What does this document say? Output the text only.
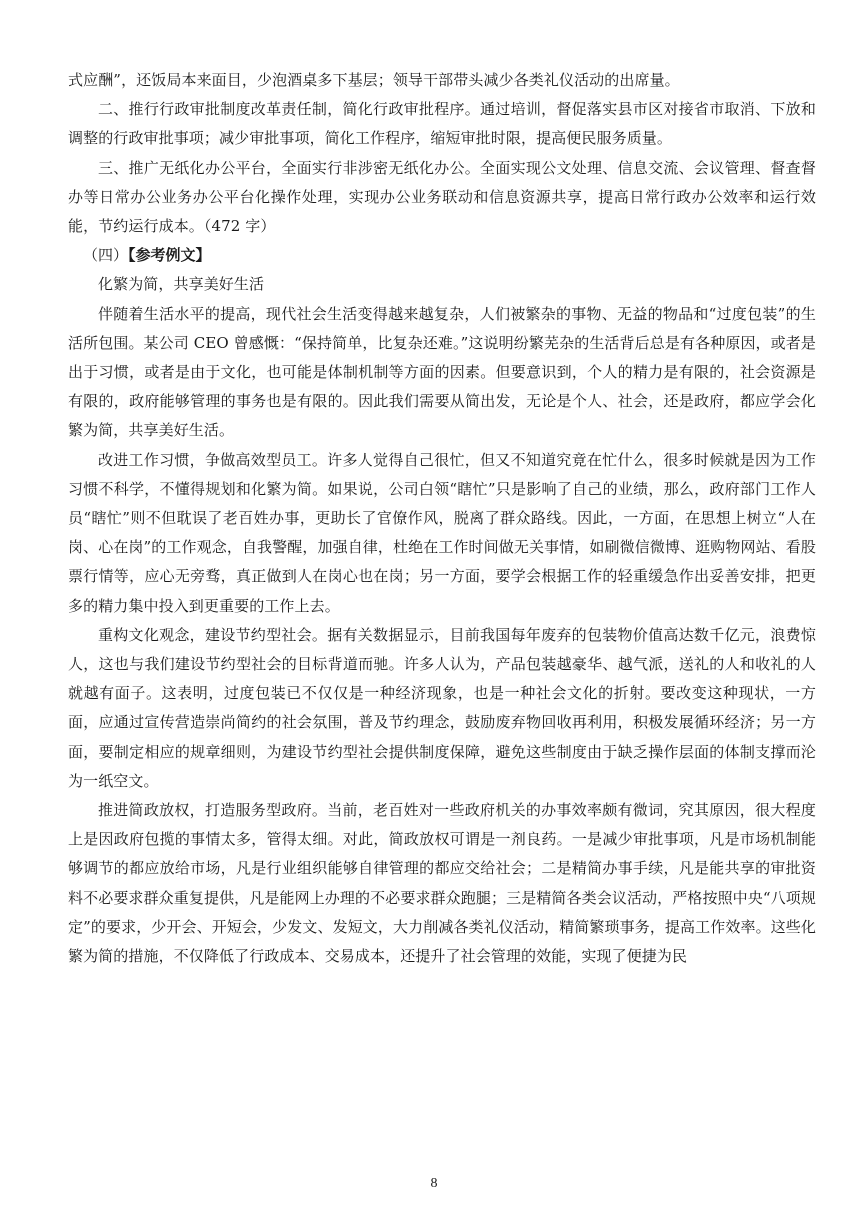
式应酬”，还饭局本来面目，少泡酒桌多下基层；领导干部带头减少各类礼仪活动的出席量。

二、推行行政审批制度改革责任制，简化行政审批程序。通过培训，督促落实县市区对接省市取消、下放和调整的行政审批事项；减少审批事项，简化工作程序，缩短审批时限，提高便民服务质量。

三、推广无纸化办公平台，全面实行非涉密无纸化办公。全面实现公文处理、信息交流、会议管理、督查督办等日常办公业务办公平台化操作处理，实现办公业务联动和信息资源共享，提高日常行政办公效率和运行效能，节约运行成本。（472 字）

（四）【参考例文】

化繁为简，共享美好生活

伴随着生活水平的提高，现代社会生活变得越来越复杂，人们被繁杂的事物、无益的物品和“过度包装”的生活所包围。某公司 CEO 曾感慨：“保持简单，比复杂还难。”这说明纷繁芜杂的生活背后总是有各种原因，或者是出于习惯，或者是由于文化，也可能是体制机制等方面的因素。但要意识到，个人的精力是有限的，社会资源是有限的，政府能够管理的事务也是有限的。因此我们需要从简出发，无论是个人、社会，还是政府，都应学会化繁为简，共享美好生活。

改进工作习惯，争做高效型员工。许多人觉得自己很忙，但又不知道究竟在忙什么，很多时候就是因为工作习惯不科学，不懂得规划和化繁为简。如果说，公司白领“瞎忙”只是影响了自己的业绩，那么，政府部门工作人员“瞎忙”则不但耽误了老百姓办事，更助长了官僚作风，脱离了群众路线。因此，一方面，在思想上树立“人在岗、心在岗”的工作观念，自我警醒，加强自律，杜绝在工作时间做无关事情，如刷微信微博、逛购物网站、看股票行情等，应心无旁骛，真正做到人在岗心也在岗；另一方面，要学会根据工作的轻重缓急作出妥善安排，把更多的精力集中投入到更重要的工作上去。

重构文化观念，建设节约型社会。据有关数据显示，目前我国每年废弃的包装物价值高达数千亿元，浪费惊人，这也与我们建设节约型社会的目标背道而驰。许多人认为，产品包装越豪华、越气派，送礼的人和收礼的人就越有面子。这表明，过度包装已不仅仅是一种经济现象，也是一种社会文化的折射。要改变这种现状，一方面，应通过宣传营造崇尚简约的社会氛围，普及节约理念，鼓励废弃物回收再利用，积极发展循环经济；另一方面，要制定相应的规章细则，为建设节约型社会提供制度保障，避免这些制度由于缺乏操作层面的体制支撑而沦为一纸空文。

推进简政放权，打造服务型政府。当前，老百姓对一些政府机关的办事效率颇有微词，究其原因，很大程度上是因政府包揽的事情太多，管得太细。对此，简政放权可谓是一剂良药。一是减少审批事项，凡是市场机制能够调节的都应放给市场，凡是行业组织能够自律管理的都应交给社会；二是精简办事手续，凡是能共享的审批资料不必要求群众重复提供，凡是能网上办理的不必要求群众跑腿；三是精简各类会议活动，严格按照中央“八项规定”的要求，少开会、开短会，少发文、发短文，大力削减各类礼仪活动，精简繁琐事务，提高工作效率。这些化繁为简的措施，不仅降低了行政成本、交易成本，还提升了社会管理的效能，实现了便捷为民

8
